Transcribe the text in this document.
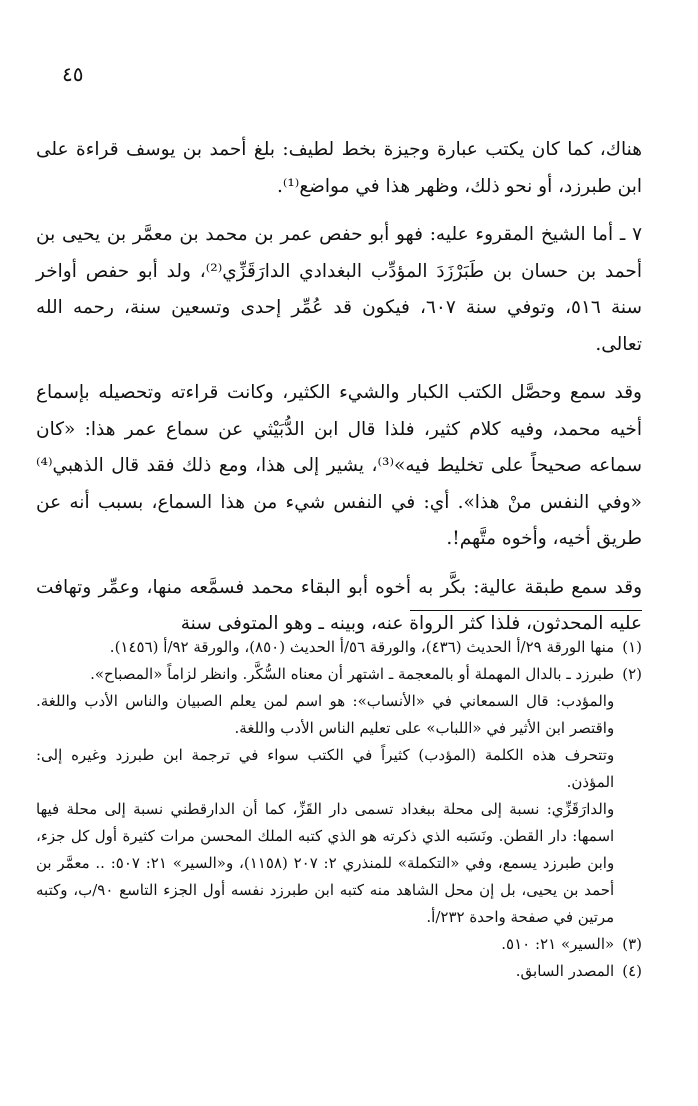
٤٥

هناك، كما كان يكتب عبارة وجيزة بخط لطيف: بلغ أحمد بن يوسف قراءة على ابن طبرزد، أو نحو ذلك، وظهر هذا في مواضع⁽¹⁾.

٧ ـ أما الشيخ المقروء عليه: فهو أبو حفص عمر بن محمد بن معمَّر بن يحيى بن أحمد بن حسان بن طَبَرْزَدَ المؤدِّب البغدادي الدارَقَزِّي⁽²⁾، ولد أبو حفص أواخر سنة ٥١٦، وتوفي سنة ٦٠٧، فيكون قد عُمِّر إحدى وتسعين سنة، رحمه الله تعالى.

وقد سمع وحصَّل الكتب الكبار والشيء الكثير، وكانت قراءته وتحصيله بإسماع أخيه محمد، وفيه كلام كثير، فلذا قال ابن الدُّبَيْثي عن سماع عمر هذا: «كان سماعه صحيحاً على تخليط فيه»⁽³⁾، يشير إلى هذا، ومع ذلك فقد قال الذهبي⁽⁴⁾ «وفي النفس منْ هذا». أي: في النفس شيء من هذا السماع، بسبب أنه عن طريق أخيه، وأخوه متَّهم!.

وقد سمع طبقة عالية: بكَّر به أخوه أبو البقاء محمد فسمَّعه منها، وعمِّر وتهافت عليه المحدثون، فلذا كثر الرواة عنه، وبينه ـ وهو المتوفى سنة

(١)

منها الورقة ٢٩/أ الحديث (٤٣٦)، والورقة ٥٦/أ الحديث (٨٥٠)، والورقة ٩٢/أ (١٤٥٦).

(٢)

طبرزد ـ بالدال المهملة أو بالمعجمة ـ اشتهر أن معناه السُّكَّر. وانظر لزاماً «المصباح».

والمؤدب: قال السمعاني في «الأنساب»: هو اسم لمن يعلم الصبيان والناس الأدب واللغة. واقتصر ابن الأثير في «اللباب» على تعليم الناس الأدب واللغة.

وتتحرف هذه الكلمة (المؤدب) كثيراً في الكتب سواء في ترجمة ابن طبرزد وغيره إلى: المؤذن.

والدارَقَزِّي: نسبة إلى محلة ببغداد تسمى دار القَزِّ، كما أن الدارقطني نسبة إلى محلة فيها اسمها: دار القطن. ونَسَبه الذي ذكرته هو الذي كتبه الملك المحسن مرات كثيرة أول كل جزء، وابن طبرزد يسمع، وفي «التكملة» للمنذري ٢: ٢٠٧ (١١٥٨)، و«السير» ٢١: ٥٠٧: .. معمَّر بن أحمد بن يحيى، بل إن محل الشاهد منه كتبه ابن طبرزد نفسه أول الجزء التاسع ٩٠/ب، وكتبه مرتين في صفحة واحدة ٢٣٢/أ.

(٣)

«السير» ٢١: ٥١٠.

(٤)

المصدر السابق.
